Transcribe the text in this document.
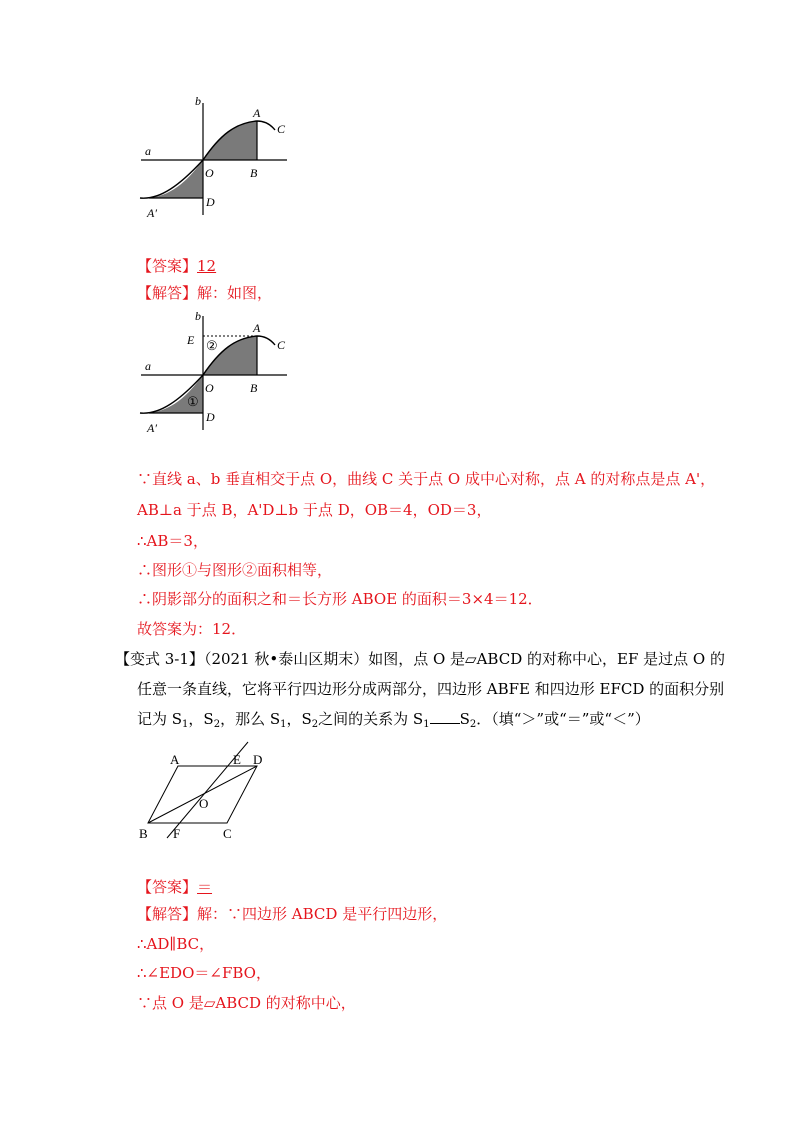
b
a
A
C
O	B
D
A′
【答案】12
【解答】解：如图，
b
E ②
A
C
a
O	B
①
D
A′
∵直线 a、b 垂直相交于点 O，曲线 C 关于点 O 成中心对称，点 A 的对称点是点 A'，
AB⊥a 于点 B，A'D⊥b 于点 D，OB＝4，OD＝3，
∴AB＝3，
∴图形①与图形②面积相等，
∴阴影部分的面积之和＝长方形 ABOE 的面积＝3×4＝12．
故答案为：12．
【变式 3-1】（2021 秋•泰山区期末）如图，点 O 是▱ABCD 的对称中心，EF 是过点 O 的
任意一条直线，它将平行四边形分成两部分，四边形 ABFE 和四边形 EFCD 的面积分别
记为 $S_1$，$S_2$，那么 $S_1$，$S_2$之间的关系为 $S_1$ $S_2$．（填“＞”或“＝”或“＜”）
A	E D
O
B F	C
【答案】＝
【解答】解：∵四边形 ABCD 是平行四边形，
∴AD∥BC，
∴∠EDO＝∠FBO，
∵点 O 是▱ABCD 的对称中心，
